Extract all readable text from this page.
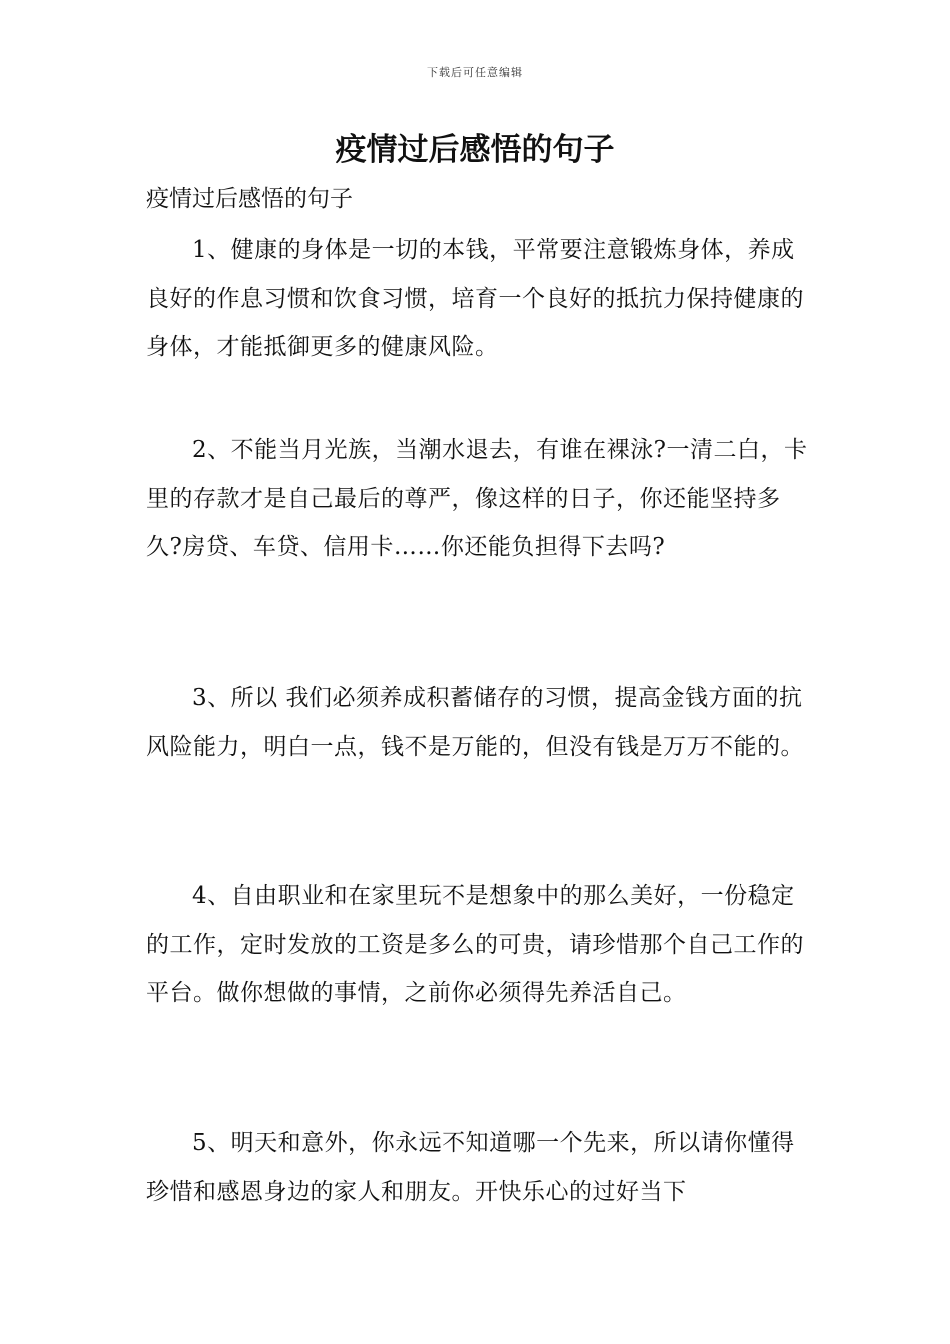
下载后可任意编辑
疫情过后感悟的句子

疫情过后感悟的句子

1、健康的身体是一切的本钱，平常要注意锻炼身体，养成良好的作息习惯和饮食习惯，培育一个良好的抵抗力保持健康的身体，才能抵御更多的健康风险。

2、不能当月光族，当潮水退去，有谁在裸泳?一清二白，卡里的存款才是自己最后的尊严，像这样的日子，你还能坚持多久?房贷、车贷、信用卡……你还能负担得下去吗?

3、所以 我们必须养成积蓄储存的习惯，提高金钱方面的抗风险能力，明白一点，钱不是万能的，但没有钱是万万不能的。

4、自由职业和在家里玩不是想象中的那么美好，一份稳定的工作，定时发放的工资是多么的可贵，请珍惜那个自己工作的平台。做你想做的事情，之前你必须得先养活自己。

5、明天和意外，你永远不知道哪一个先来，所以请你懂得珍惜和感恩身边的家人和朋友。开快乐心的过好当下
